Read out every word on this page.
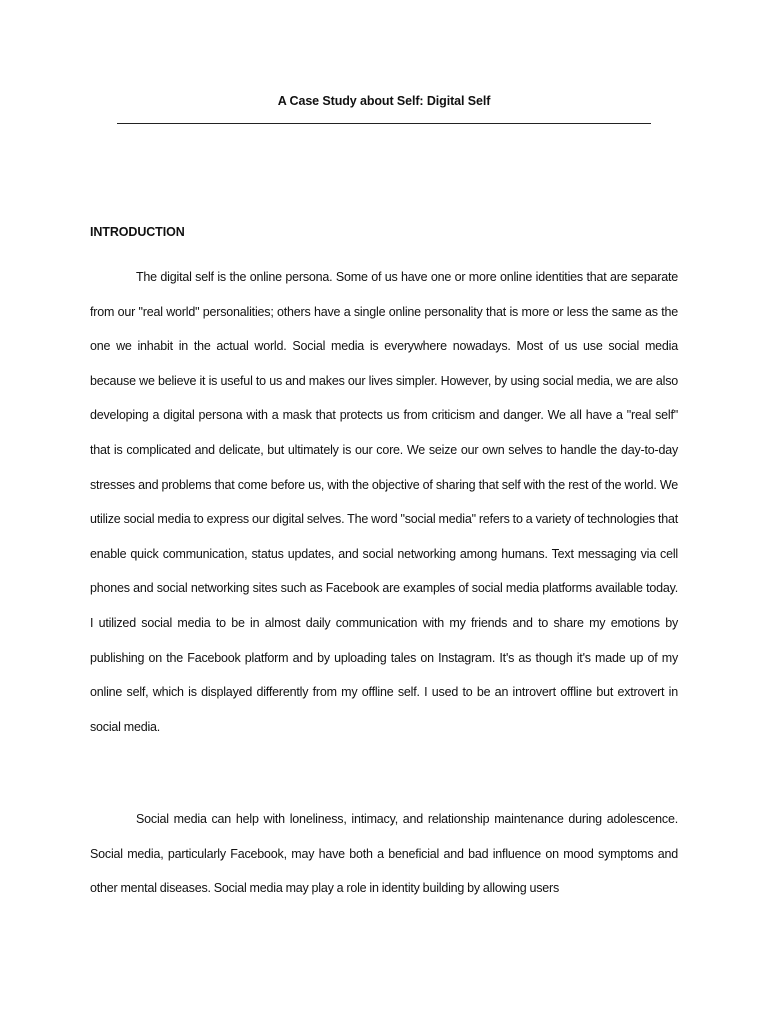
A Case Study about Self: Digital Self
INTRODUCTION

The digital self is the online persona. Some of us have one or more online identities that are separate from our "real world" personalities; others have a single online personality that is more or less the same as the one we inhabit in the actual world. Social media is everywhere nowadays. Most of us use social media because we believe it is useful to us and makes our lives simpler. However, by using social media, we are also developing a digital persona with a mask that protects us from criticism and danger. We all have a "real self" that is complicated and delicate, but ultimately is our core. We seize our own selves to handle the day-to-day stresses and problems that come before us, with the objective of sharing that self with the rest of the world. We utilize social media to express our digital selves. The word "social media" refers to a variety of technologies that enable quick communication, status updates, and social networking among humans. Text messaging via cell phones and social networking sites such as Facebook are examples of social media platforms available today. I utilized social media to be in almost daily communication with my friends and to share my emotions by publishing on the Facebook platform and by uploading tales on Instagram. It's as though it's made up of my online self, which is displayed differently from my offline self. I used to be an introvert offline but extrovert in social media.

Social media can help with loneliness, intimacy, and relationship maintenance during adolescence. Social media, particularly Facebook, may have both a beneficial and bad influence on mood symptoms and other mental diseases. Social media may play a role in identity building by allowing users
